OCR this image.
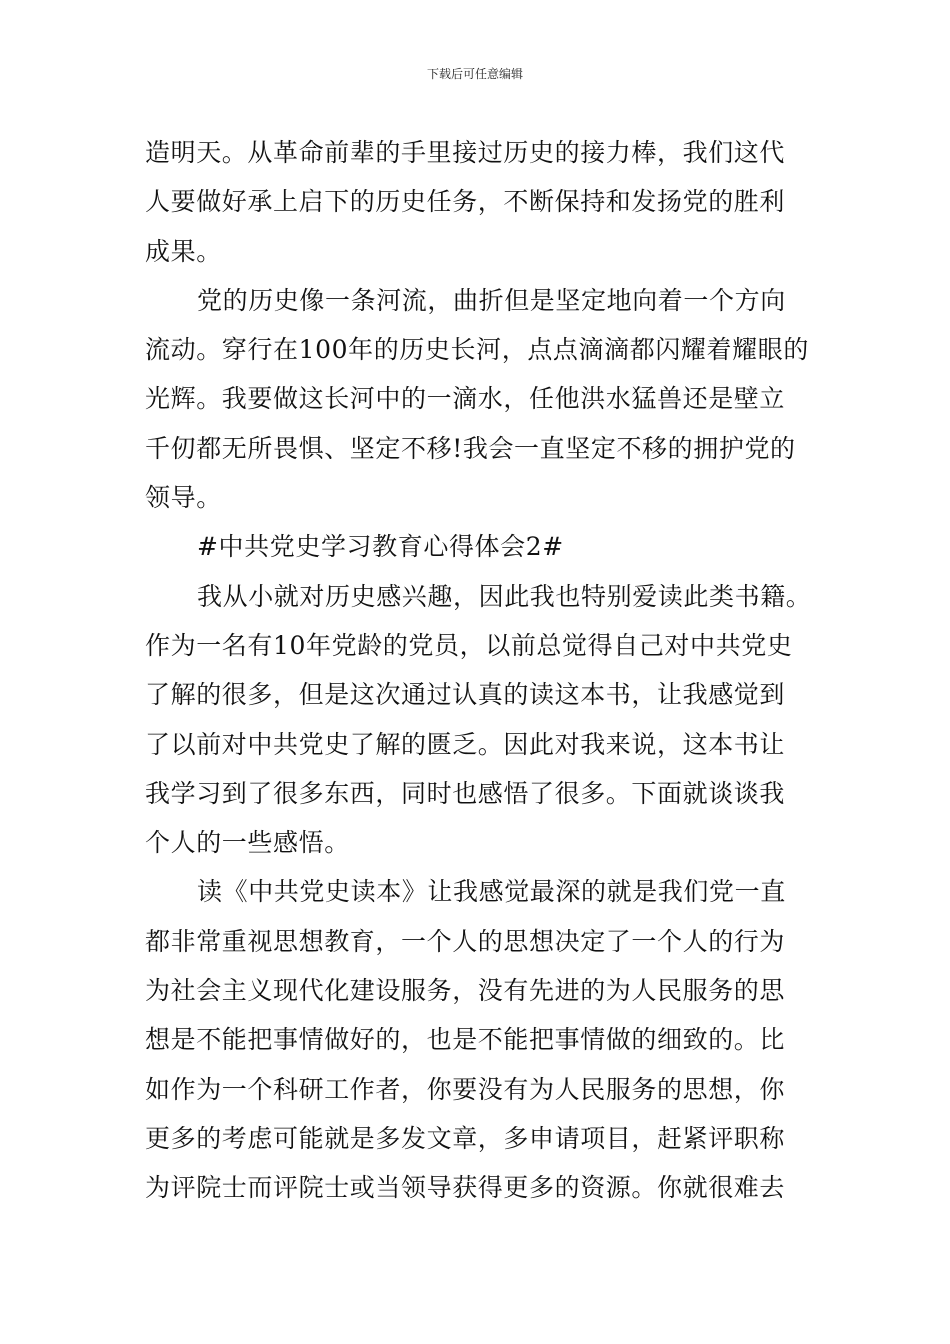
下载后可任意编辑
造明天。从革命前辈的手里接过历史的接力棒，我们这代
人要做好承上启下的历史任务，不断保持和发扬党的胜利
成果。
党的历史像一条河流，曲折但是坚定地向着一个方向
流动。穿行在100年的历史长河，点点滴滴都闪耀着耀眼的
光辉。我要做这长河中的一滴水，任他洪水猛兽还是壁立
千仞都无所畏惧、坚定不移!我会一直坚定不移的拥护党的
领导。
#中共党史学习教育心得体会2#
我从小就对历史感兴趣，因此我也特别爱读此类书籍。
作为一名有10年党龄的党员，以前总觉得自己对中共党史
了解的很多，但是这次通过认真的读这本书，让我感觉到
了以前对中共党史了解的匮乏。因此对我来说，这本书让
我学习到了很多东西，同时也感悟了很多。下面就谈谈我
个人的一些感悟。
读《中共党史读本》让我感觉最深的就是我们党一直
都非常重视思想教育，一个人的思想决定了一个人的行为
为社会主义现代化建设服务，没有先进的为人民服务的思
想是不能把事情做好的，也是不能把事情做的细致的。比
如作为一个科研工作者，你要没有为人民服务的思想，你
更多的考虑可能就是多发文章，多申请项目，赶紧评职称
为评院士而评院士或当领导获得更多的资源。你就很难去
